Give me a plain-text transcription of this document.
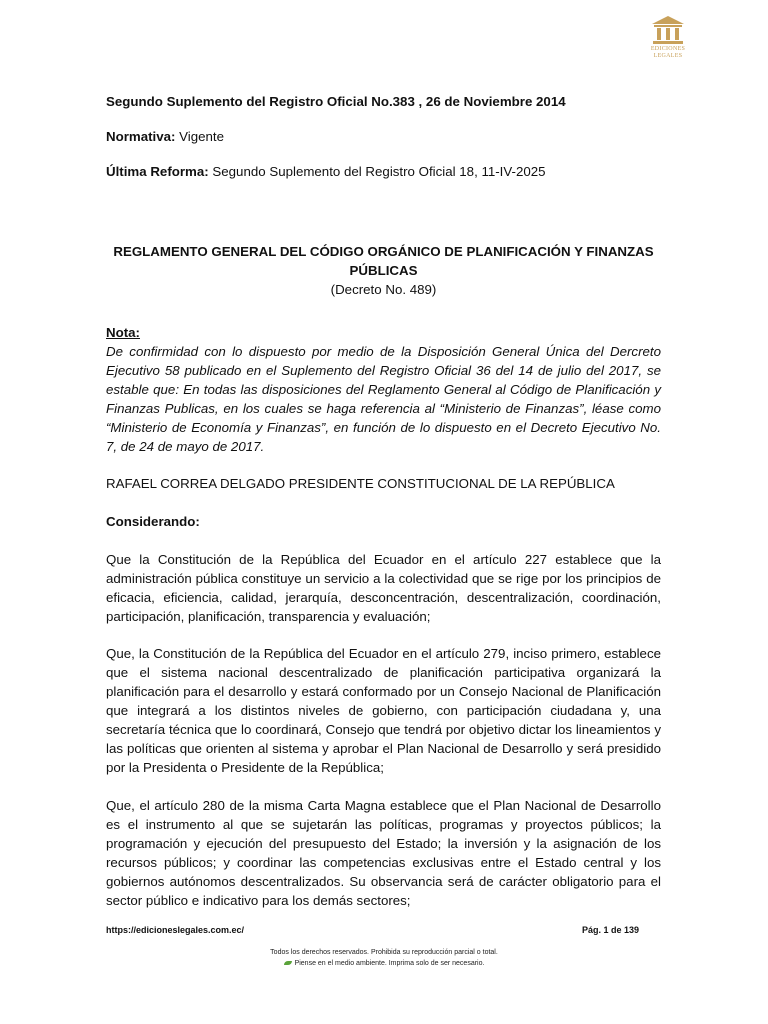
EDICIONES
LEGALES

Segundo Suplemento del Registro Oficial No.383 , 26 de Noviembre 2014

Normativa: Vigente

Última Reforma: Segundo Suplemento del Registro Oficial 18, 11-IV-2025

REGLAMENTO GENERAL DEL CÓDIGO ORGÁNICO DE PLANIFICACIÓN Y FINANZAS
PÚBLICAS
(Decreto No. 489)
Nota:
De confirmidad con lo dispuesto por medio de la Disposición General Única del Dercreto Ejecutivo 58 publicado en el Suplemento del Registro Oficial 36 del 14 de julio del 2017, se estable que: En todas las disposiciones del Reglamento General al Código de Planificación y Finanzas Publicas, en los cuales se haga referencia al “Ministerio de Finanzas”, léase como “Ministerio de Economía y Finanzas”, en función de lo dispuesto en el Decreto Ejecutivo No. 7, de 24 de mayo de 2017.
RAFAEL CORREA DELGADO PRESIDENTE CONSTITUCIONAL DE LA REPÚBLICA
Considerando:

Que la Constitución de la República del Ecuador en el artículo 227 establece que la administración pública constituye un servicio a la colectividad que se rige por los principios de eficacia, eficiencia, calidad, jerarquía, desconcentración, descentralización, coordinación, participación, planificación, transparencia y evaluación;

Que, la Constitución de la República del Ecuador en el artículo 279, inciso primero, establece que el sistema nacional descentralizado de planificación participativa organizará la planificación para el desarrollo y estará conformado por un Consejo Nacional de Planificación que integrará a los distintos niveles de gobierno, con participación ciudadana y, una secretaría técnica que lo coordinará, Consejo que tendrá por objetivo dictar los lineamientos y las políticas que orienten al sistema y aprobar el Plan Nacional de Desarrollo y será presidido por la Presidenta o Presidente de la República;

Que, el artículo 280 de la misma Carta Magna establece que el Plan Nacional de Desarrollo es el instrumento al que se sujetarán las políticas, programas y proyectos públicos; la programación y ejecución del presupuesto del Estado; la inversión y la asignación de los recursos públicos; y coordinar las competencias exclusivas entre el Estado central y los gobiernos autónomos descentralizados. Su observancia será de carácter obligatorio para el sector público e indicativo para los demás sectores;

https://edicioneslegales.com.ec/	Pág. 1 de 139
Todos los derechos reservados. Prohibida su reproducción parcial o total.
Piense en el medio ambiente. Imprima solo de ser necesario.
